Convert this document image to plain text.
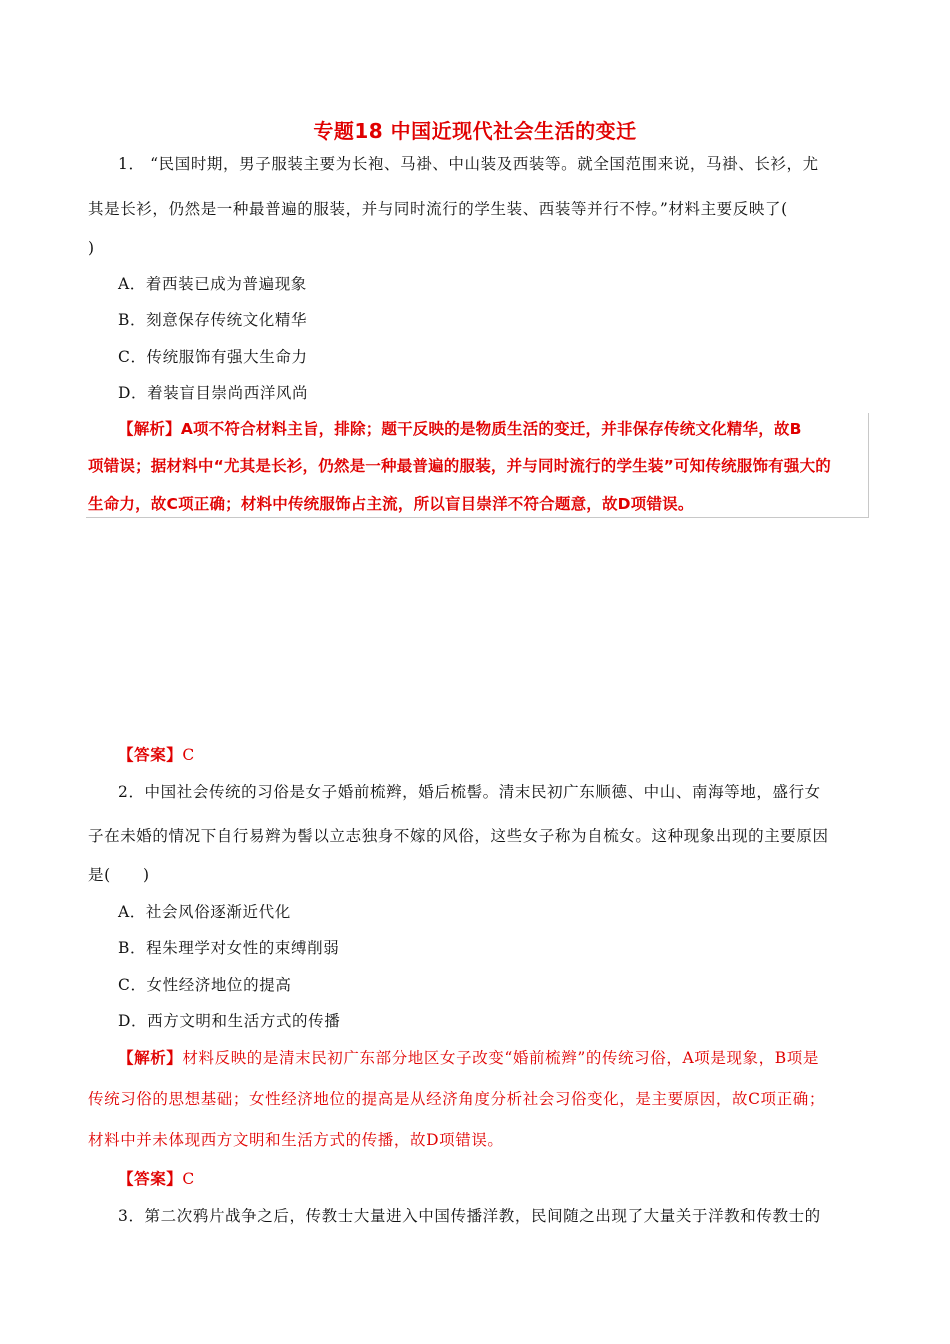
专题18 中国近现代社会生活的变迁
1． “民国时期，男子服装主要为长袍、马褂、中山装及西装等。就全国范围来说，马褂、长衫，尤
其是长衫，仍然是一种最普遍的服装，并与同时流行的学生装、西装等并行不悖。”材料主要反映了(
)
A．着西装已成为普遍现象
B．刻意保存传统文化精华
C．传统服饰有强大生命力
D．着装盲目崇尚西洋风尚
【解析】A项不符合材料主旨，排除；题干反映的是物质生活的变迁，并非保存传统文化精华，故B
项错误；据材料中“尤其是长衫，仍然是一种最普遍的服装，并与同时流行的学生装”可知传统服饰有强大的
生命力，故C项正确；材料中传统服饰占主流，所以盲目崇洋不符合题意，故D项错误。
【答案】C
2．中国社会传统的习俗是女子婚前梳辫，婚后梳髻。清末民初广东顺德、中山、南海等地，盛行女
子在未婚的情况下自行易辫为髻以立志独身不嫁的风俗，这些女子称为自梳女。这种现象出现的主要原因
是(　　)
A．社会风俗逐渐近代化
B．程朱理学对女性的束缚削弱
C．女性经济地位的提高
D．西方文明和生活方式的传播
【解析】材料反映的是清末民初广东部分地区女子改变“婚前梳辫”的传统习俗，A项是现象，B项是
传统习俗的思想基础；女性经济地位的提高是从经济角度分析社会习俗变化，是主要原因，故C项正确；
材料中并未体现西方文明和生活方式的传播，故D项错误。
【答案】C
3．第二次鸦片战争之后，传教士大量进入中国传播洋教，民间随之出现了大量关于洋教和传教士的
